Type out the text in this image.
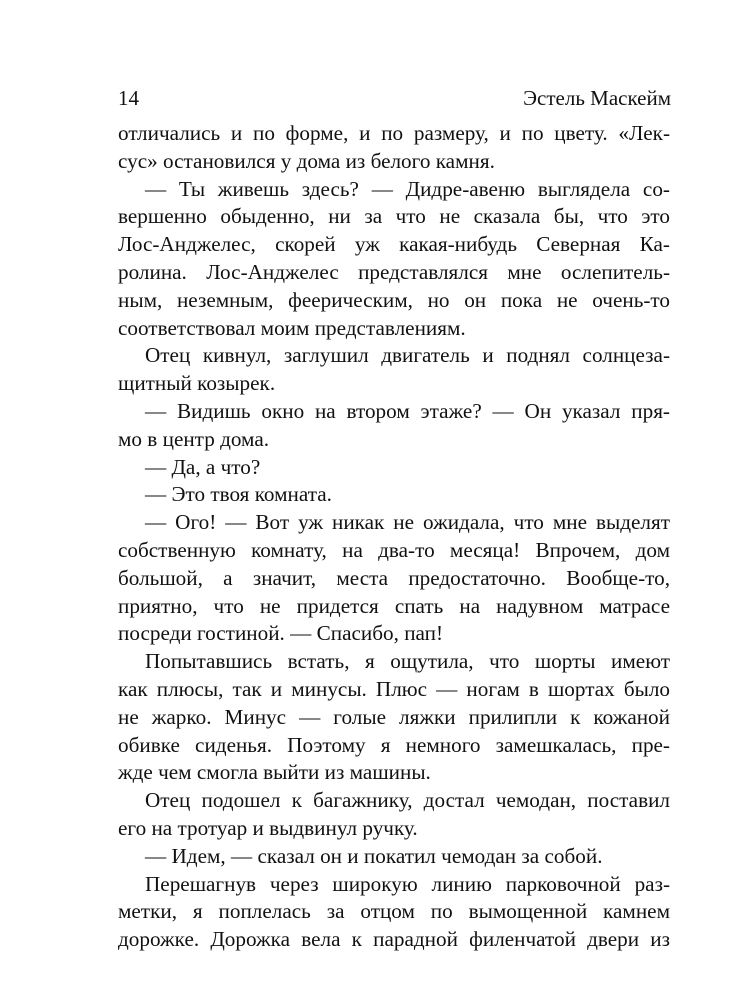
14	Эстель Маскейм
отличались и по форме, и по размеру, и по цвету. «Лек-
сус» остановился у дома из белого камня.
— Ты живешь здесь? — Дидре-авеню выглядела со-
вершенно обыденно, ни за что не сказала бы, что это
Лос-Анджелес, скорей уж какая-нибудь Северная Ка-
ролина. Лос-Анджелес представлялся мне ослепитель-
ным, неземным, феерическим, но он пока не очень-то
соответствовал моим представлениям.
Отец кивнул, заглушил двигатель и поднял солнцеза-
щитный козырек.
— Видишь окно на втором этаже? — Он указал пря-
мо в центр дома.
— Да, а что?
— Это твоя комната.
— Ого! — Вот уж никак не ожидала, что мне выделят
собственную комнату, на два-то месяца! Впрочем, дом
большой, а значит, места предостаточно. Вообще-то,
приятно, что не придется спать на надувном матрасе
посреди гостиной. — Спасибо, пап!
Попытавшись встать, я ощутила, что шорты имеют
как плюсы, так и минусы. Плюс — ногам в шортах было
не жарко. Минус — голые ляжки прилипли к кожаной
обивке сиденья. Поэтому я немного замешкалась, пре-
жде чем смогла выйти из машины.
Отец подошел к багажнику, достал чемодан, поставил
его на тротуар и выдвинул ручку.
— Идем, — сказал он и покатил чемодан за собой.
Перешагнув через широкую линию парковочной раз-
метки, я поплелась за отцом по вымощенной камнем
дорожке. Дорожка вела к парадной филенчатой двери из
